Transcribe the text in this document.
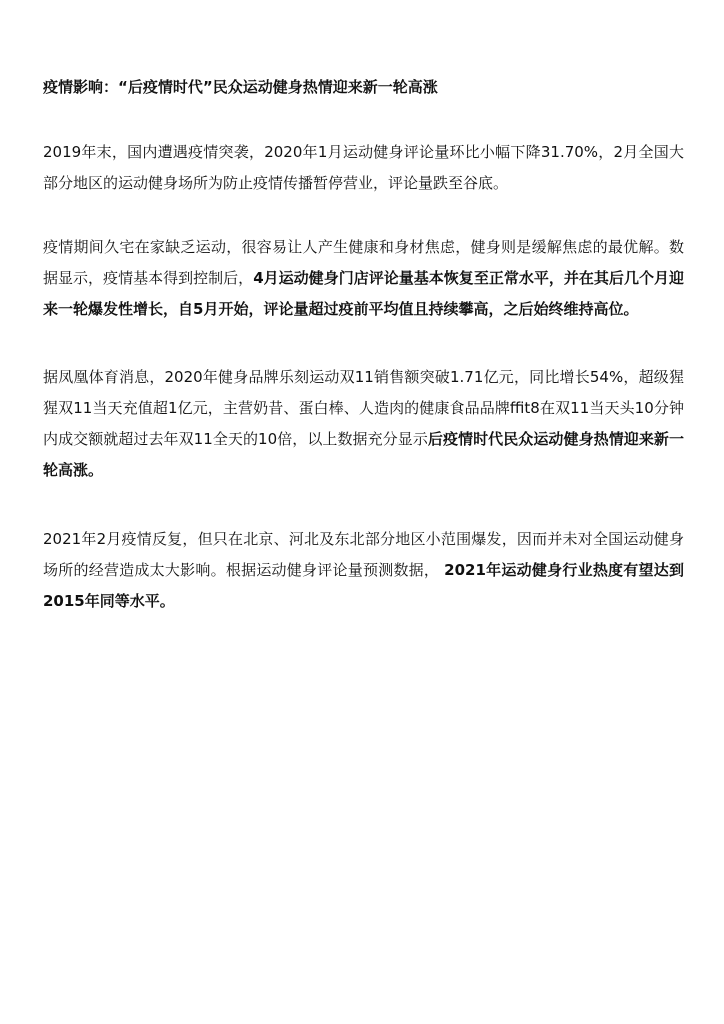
疫情影响：“后疫情时代”民众运动健身热情迎来新一轮高涨

2019年末，国内遭遇疫情突袭，2020年1月运动健身评论量环比小幅下降31.70%，2月全国大部分地区的运动健身场所为防止疫情传播暂停营业，评论量跌至谷底。

疫情期间久宅在家缺乏运动，很容易让人产生健康和身材焦虑，健身则是缓解焦虑的最优解。数据显示，疫情基本得到控制后，4月运动健身门店评论量基本恢复至正常水平，并在其后几个月迎来一轮爆发性增长，自5月开始，评论量超过疫前平均值且持续攀高，之后始终维持高位。

据凤凰体育消息，2020年健身品牌乐刻运动双11销售额突破1.71亿元，同比增长54%，超级猩猩双11当天充值超1亿元，主营奶昔、蛋白棒、人造肉的健康食品品牌ffit8在双11当天头10分钟内成交额就超过去年双11全天的10倍，以上数据充分显示后疫情时代民众运动健身热情迎来新一轮高涨。

2021年2月疫情反复，但只在北京、河北及东北部分地区小范围爆发，因而并未对全国运动健身场所的经营造成太大影响。根据运动健身评论量预测数据， 2021年运动健身行业热度有望达到2015年同等水平。
